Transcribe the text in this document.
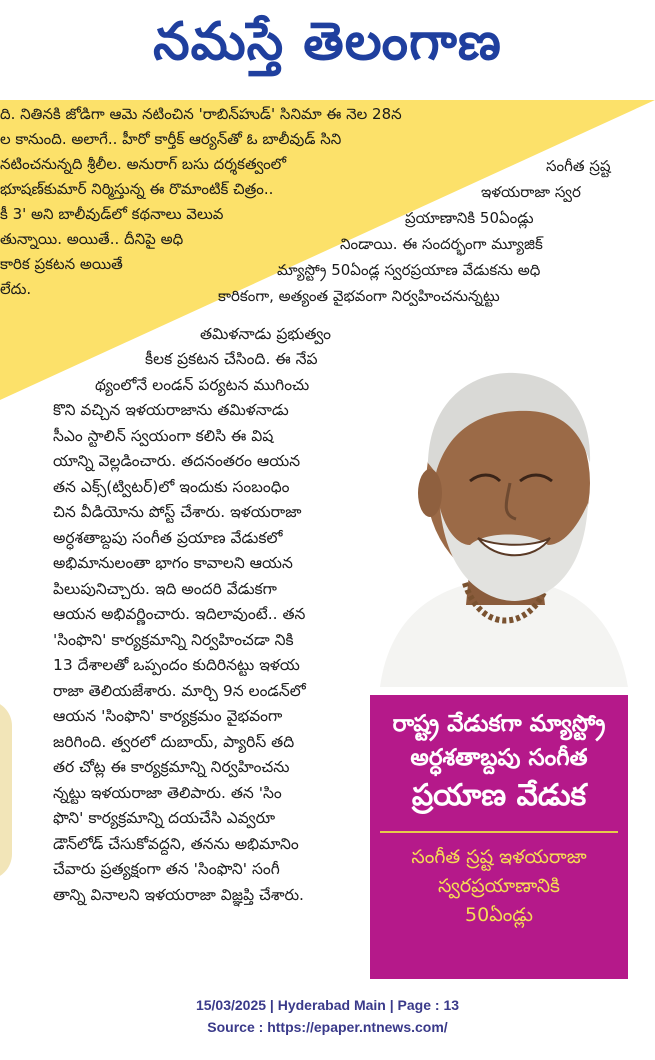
నమస్తే తెలంగాణ
ది. నితినకి జోడిగా ఆమె నటించిన 'రాబిన్‌హుడ్' సినిమా ఈ నెల 28న
ల కానుంది. అలాగే.. హీరో కార్తీక్ ఆర్యన్‌తో ఓ బాలీవుడ్ సిని
నటించనున్నది శ్రీలీల. అనురాగ్ బసు దర్శకత్వంలో
భూషణ్‌కుమార్ నిర్మిస్తున్న ఈ రొమాంటిక్ చిత్రం..
కీ 3' అని బాలీవుడ్‌లో కథనాలు వెలువ
తున్నాయి. అయితే.. దీనిపై అధి
కారిక ప్రకటన అయితే
లేదు.
సంగీత స్రష్ట
ఇళయరాజా స్వర
ప్రయాణానికి 50ఏండ్లు
నిండాయి. ఈ సందర్భంగా మ్యూజిక్
మ్యాస్ట్రో 50ఏండ్ల స్వరప్రయాణ వేడుకను అధి
కారికంగా, అత్యంత వైభవంగా నిర్వహించనున్నట్టు
తమిళనాడు ప్రభుత్వం
కీలక ప్రకటన చేసింది. ఈ నేప
థ్యంలోనే లండన్ పర్యటన ముగించు
కొని వచ్చిన ఇళయరాజాను తమిళనాడు
సీఎం స్టాలిన్ స్వయంగా కలిసి ఈ విష
యాన్ని వెల్లడించారు. తదనంతరం ఆయన
తన ఎక్స్(ట్విటర్)లో ఇందుకు సంబంధిం
చిన వీడియోను పోస్ట్ చేశారు. ఇళయరాజా
అర్ధశతాబ్దపు సంగీత ప్రయాణ వేడుకలో
అభిమానులంతా భాగం కావాలని ఆయన
పిలుపునిచ్చారు. ఇది అందరి వేడుకగా
ఆయన అభివర్ణించారు. ఇదిలావుంటే.. తన
'సింఫొని' కార్యక్రమాన్ని నిర్వహించడా నికి
13 దేశాలతో ఒప్పందం కుదిరినట్టు ఇళయ
రాజా తెలియజేశారు. మార్చి 9న లండన్‌లో
ఆయన 'సింఫొని' కార్యక్రమం వైభవంగా
జరిగింది. త్వరలో దుబాయ్, ప్యారిస్ తది
తర చోట్ల ఈ కార్యక్రమాన్ని నిర్వహించను
న్నట్టు ఇళయరాజా తెలిపారు. తన 'సిం
ఫొని' కార్యక్రమాన్ని దయచేసి ఎవ్వరూ
డౌన్‌లోడ్ చేసుకోవద్దని, తనను అభిమానిం
చేవారు ప్రత్యక్షంగా తన 'సింఫొని' సంగీ
తాన్ని వినాలని ఇళయరాజా విజ్ఞప్తి చేశారు.
రాష్ట్ర వేడుకగా మ్యాస్ట్రో
అర్ధశతాబ్దపు సంగీత
ప్రయాణ వేడుక
సంగీత స్రష్ట ఇళయరాజా
స్వరప్రయాణానికి
50ఏండ్లు
15/03/2025 | Hyderabad Main | Page : 13
Source : https://epaper.ntnews.com/
